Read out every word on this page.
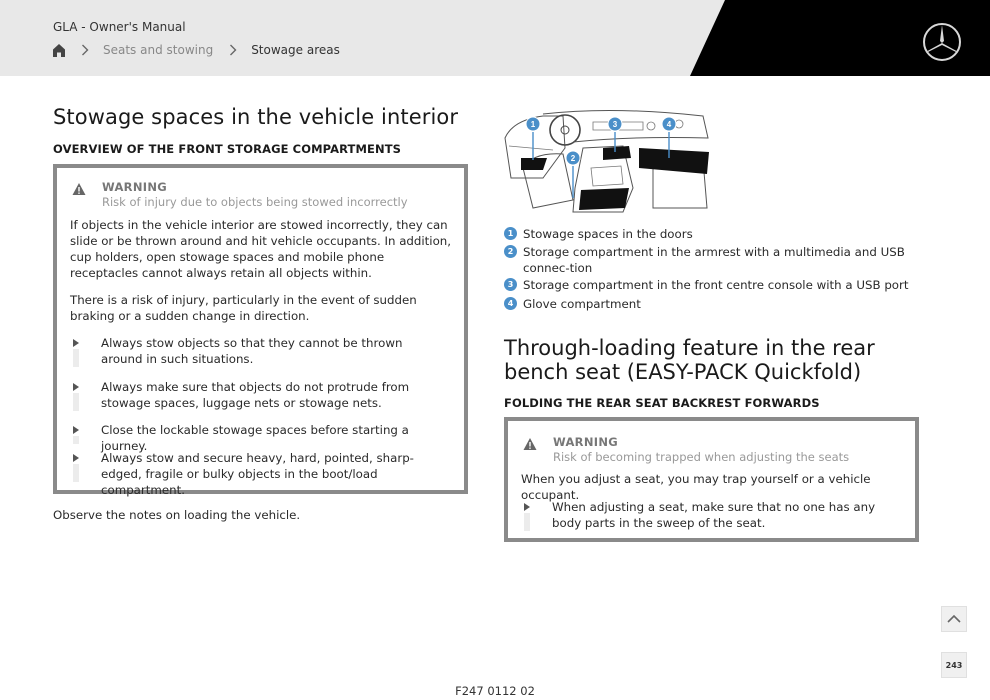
GLA - Owner's Manual
Seats and stowing	Stowage areas
Stowage spaces in the vehicle interior
OVERVIEW OF THE FRONT STORAGE COMPARTMENTS
WARNING
Risk of injury due to objects being stowed incorrectly
If objects in the vehicle interior are stowed incorrectly, they can slide or be thrown around and hit vehicle occupants. In addition, cup holders, open stowage spaces and mobile phone receptacles cannot always retain all objects within.
There is a risk of injury, particularly in the event of sudden braking or a sudden change in direction.
Always stow objects so that they cannot be thrown around in such situations.
Always make sure that objects do not protrude from stowage spaces, luggage nets or stowage nets.
Close the lockable stowage spaces before starting a journey.
Always stow and secure heavy, hard, pointed, sharp-edged, fragile or bulky objects in the boot/load compartment.
Observe the notes on loading the vehicle.
1
2
3	4
1 Stowage spaces in the doors
2 Storage compartment in the armrest with a multimedia and USB connec-tion
3 Storage compartment in the front centre console with a USB port
4 Glove compartment
Through-loading feature in the rear bench seat (EASY-PACK Quickfold)
FOLDING THE REAR SEAT BACKREST FORWARDS
WARNING
Risk of becoming trapped when adjusting the seats
When you adjust a seat, you may trap yourself or a vehicle occupant.
When adjusting a seat, make sure that no one has any body parts in the sweep of the seat.
243
F247 0112 02
